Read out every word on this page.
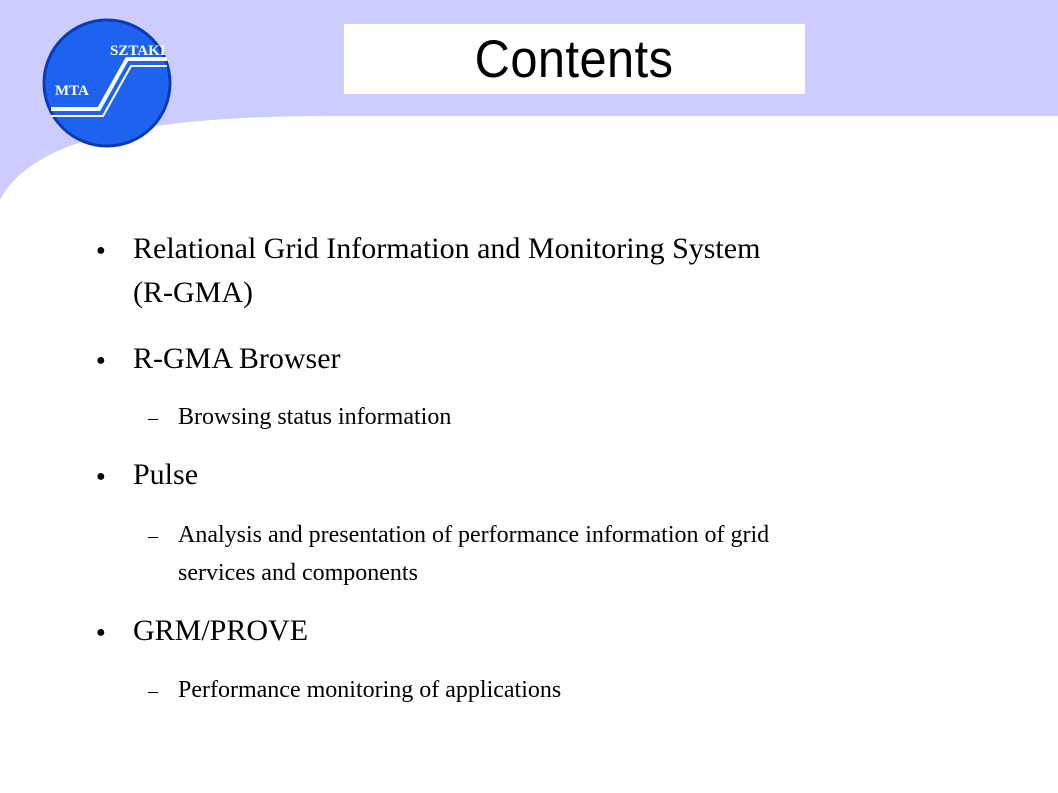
MTA
SZTAKI	Contents
● Relational Grid Information and Monitoring System
(R-GMA)
● R-GMA Browser
– Browsing status information
● Pulse
– Analysis and presentation of performance information of grid
services and components
● GRM/PROVE
– Performance monitoring of applications
